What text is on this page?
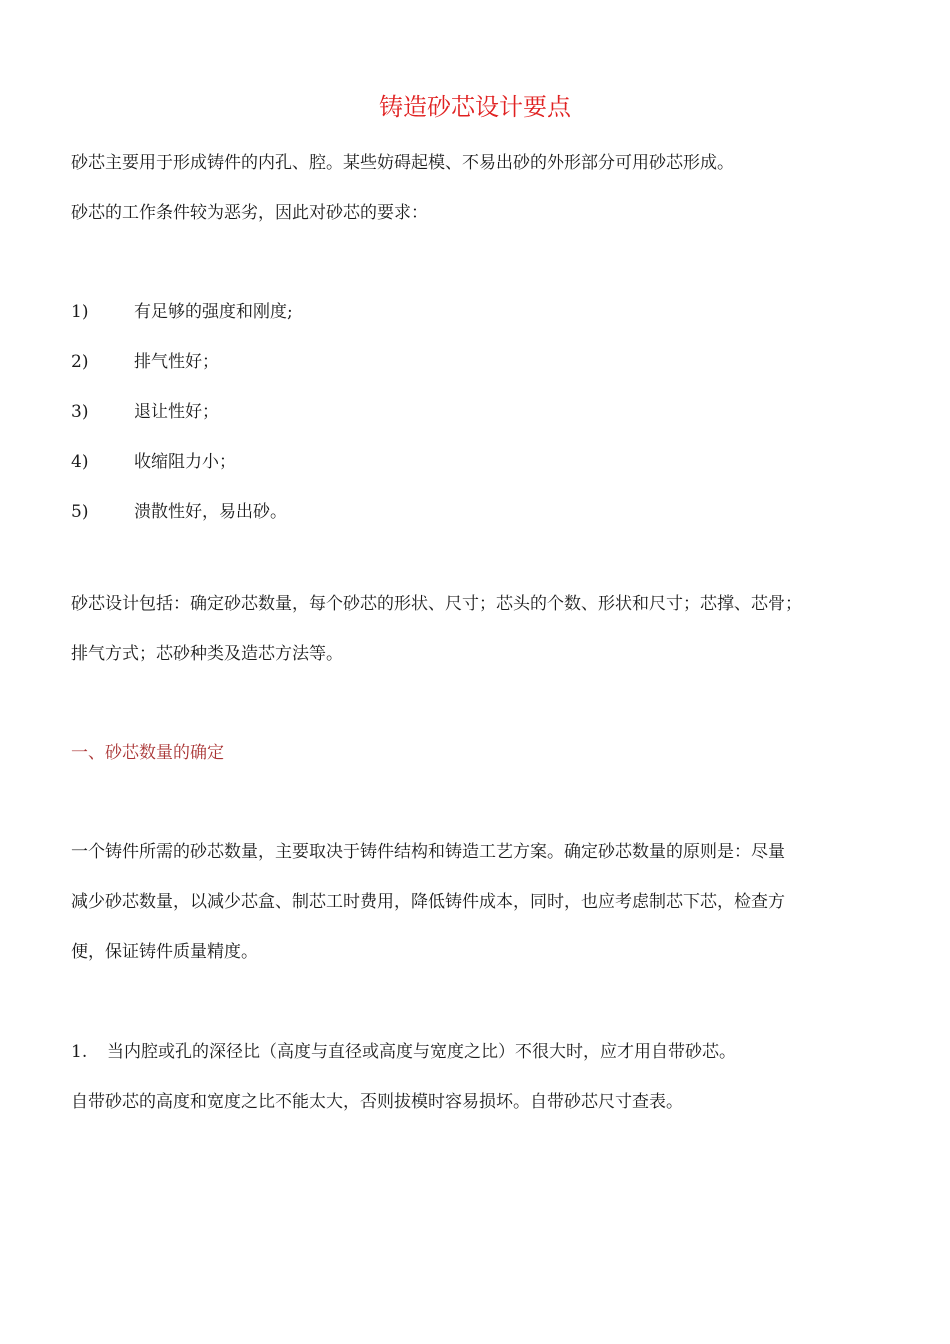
铸造砂芯设计要点
砂芯主要用于形成铸件的内孔、腔。某些妨碍起模、不易出砂的外形部分可用砂芯形成。
砂芯的工作条件较为恶劣，因此对砂芯的要求：
1)	有足够的强度和刚度;
2)	排气性好；
3)	退让性好；
4)	收缩阻力小；
5)	溃散性好，易出砂。
砂芯设计包括：确定砂芯数量，每个砂芯的形状、尺寸；芯头的个数、形状和尺寸；芯撑、芯骨；
排气方式；芯砂种类及造芯方法等。
一、砂芯数量的确定
一个铸件所需的砂芯数量，主要取决于铸件结构和铸造工艺方案。确定砂芯数量的原则是：尽量
减少砂芯数量，以减少芯盒、制芯工时费用，降低铸件成本，同时，也应考虑制芯下芯，检查方
便，保证铸件质量精度。
1. 当内腔或孔的深径比（高度与直径或高度与宽度之比）不很大时，应才用自带砂芯。
自带砂芯的高度和宽度之比不能太大，否则拔模时容易损坏。自带砂芯尺寸查表。
